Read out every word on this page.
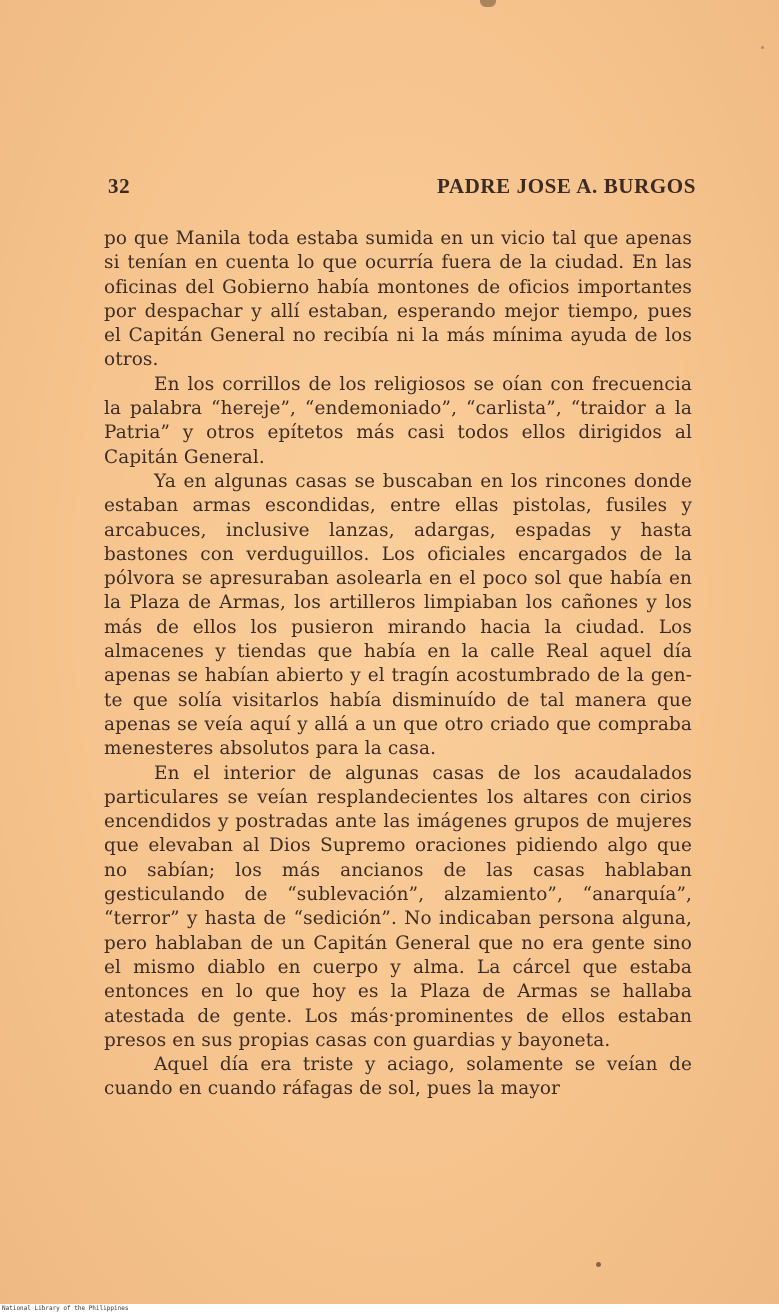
32	PADRE JOSE A. BURGOS

po que Manila toda estaba sumida en un vicio tal que apenas si tenían en cuenta lo que ocurría fuera de la ciudad. En las oficinas del Gobierno había montones de oficios importantes por despachar y allí estaban, esperando mejor tiempo, pues el Capitán General no recibía ni la más mínima ayuda de los otros.

En los corrillos de los religiosos se oían con frecuencia la palabra “hereje”, “endemoniado”, “carlista”, “traidor a la Patria” y otros epítetos más casi todos ellos dirigidos al Capitán General.

Ya en algunas casas se buscaban en los rincones donde estaban armas escondidas, entre ellas pistolas, fusiles y arcabuces, inclusive lanzas, adargas, espadas y hasta bastones con verduguillos. Los oficiales encargados de la pólvora se apresuraban asolearla en el poco sol que había en la Plaza de Armas, los artilleros limpiaban los cañones y los más de ellos los pusieron mirando hacia la ciudad. Los almacenes y tiendas que había en la calle Real aquel día apenas se habían abierto y el tragín acostumbrado de la gente que solía visitarlos había disminuído de tal manera que apenas se veía aquí y allá a un que otro criado que compraba menesteres absolutos para la casa.

En el interior de algunas casas de los acaudalados particulares se veían resplandecientes los altares con cirios encendidos y postradas ante las imágenes grupos de mujeres que elevaban al Dios Supremo oraciones pidiendo algo que no sabían; los más ancianos de las casas hablaban gesticulando de “sublevación”, alzamiento”, “anarquía”, “terror” y hasta de “sedición”. No indicaban persona alguna, pero hablaban de un Capitán General que no era gente sino el mismo diablo en cuerpo y alma. La cárcel que estaba entonces en lo que hoy es la Plaza de Armas se hallaba atestada de gente. Los más·prominentes de ellos estaban presos en sus propias casas con guardias y bayoneta.

Aquel día era triste y aciago, solamente se veían de cuando en cuando ráfagas de sol, pues la mayor

National Library of the Philippines
